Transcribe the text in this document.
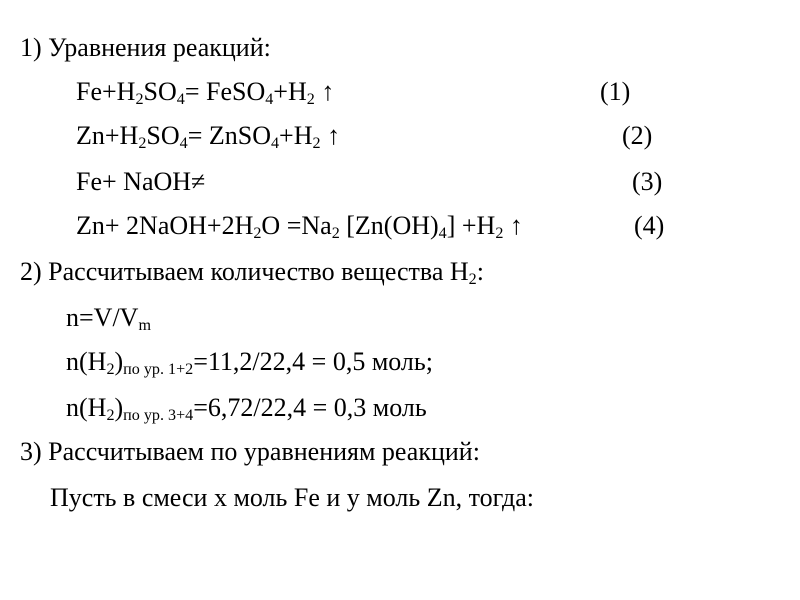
1) Уравнения реакций:
$Fe+H_2SO_4=$ $FeSO_4+H_2$ ↑	(1)
$Zn+H_2SO_4=$ $ZnSO_4+H_2$ ↑	(2)
Fe+ NaOH≠	(3)
$Zn+ 2NaOH+2H_2O =Na_2$ $[Zn(OH)_4] +H_2$ ↑	(4)
2) Рассчитываем количество вещества $H_2$:
$n=V/V_m$
$n(H_2)_{по ур. 1+2}=11,2/22,4 = 0,5$ моль;
$n(H_2)_{по ур. 3+4}=6,72/22,4 = 0,3$ моль
3) Рассчитываем по уравнениям реакций:
Пусть в смеси х моль Fe и у моль Zn, тогда:
